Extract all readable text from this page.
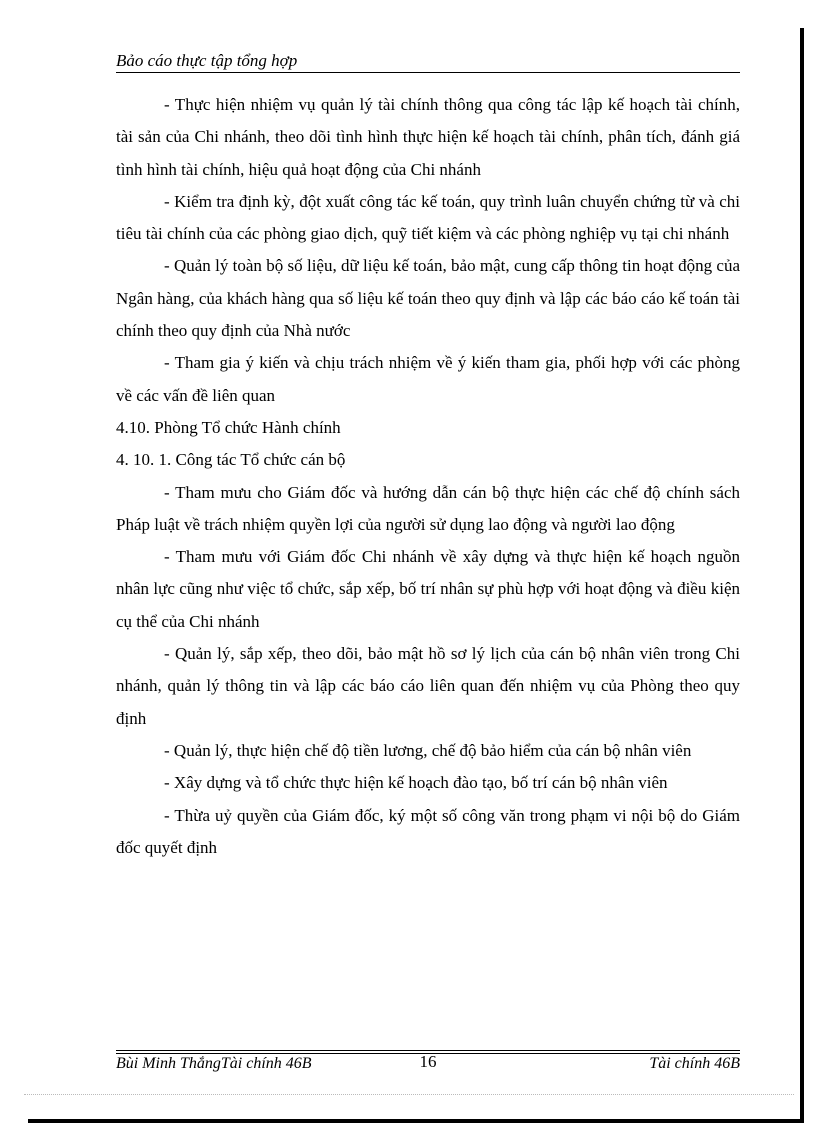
Bảo cáo thực tập tổng hợp

- Thực hiện nhiệm vụ quản lý tài chính thông qua công tác lập kế hoạch tài chính, tài sản của Chi nhánh, theo dõi tình hình thực hiện kế hoạch tài chính, phân tích, đánh giá tình hình tài chính, hiệu quả hoạt động của Chi nhánh

- Kiểm tra định kỳ, đột xuất công tác kế toán, quy trình luân chuyển chứng từ và chi tiêu tài chính của các phòng giao dịch, quỹ tiết kiệm và các phòng nghiệp vụ tại chi nhánh

- Quản lý toàn bộ số liệu, dữ liệu kế toán, bảo mật, cung cấp thông tin hoạt động của Ngân hàng, của khách hàng qua số liệu kế toán theo quy định và lập các báo cáo kế toán tài chính theo quy định của Nhà nước

- Tham gia ý kiến và chịu trách nhiệm về ý kiến tham gia, phối hợp với các phòng về các vấn đề liên quan

4.10. Phòng Tổ chức Hành chính

4. 10. 1. Công tác Tổ chức cán bộ

- Tham mưu cho Giám đốc và hướng dẫn cán bộ thực hiện các chế độ chính sách Pháp luật về trách nhiệm quyền lợi của người sử dụng lao động và người lao động

- Tham mưu với Giám đốc Chi nhánh về xây dựng và thực hiện kế hoạch nguồn nhân lực cũng như việc tổ chức, sắp xếp, bố trí nhân sự phù hợp với hoạt động và điều kiện cụ thể của Chi nhánh

- Quản lý, sắp xếp, theo dõi, bảo mật hồ sơ lý lịch của cán bộ nhân viên trong Chi nhánh, quản lý thông tin và lập các báo cáo liên quan đến nhiệm vụ của Phòng theo quy định

- Quản lý, thực hiện chế độ tiền lương, chế độ bảo hiểm của cán bộ nhân viên

- Xây dựng và tổ chức thực hiện kế hoạch đào tạo, bố trí cán bộ nhân viên

- Thừa uỷ quyền của Giám đốc, ký một số công văn trong phạm vi nội bộ do Giám đốc quyết định

Bùi Minh ThắngTài chính 46B	16	Tài chính 46B
